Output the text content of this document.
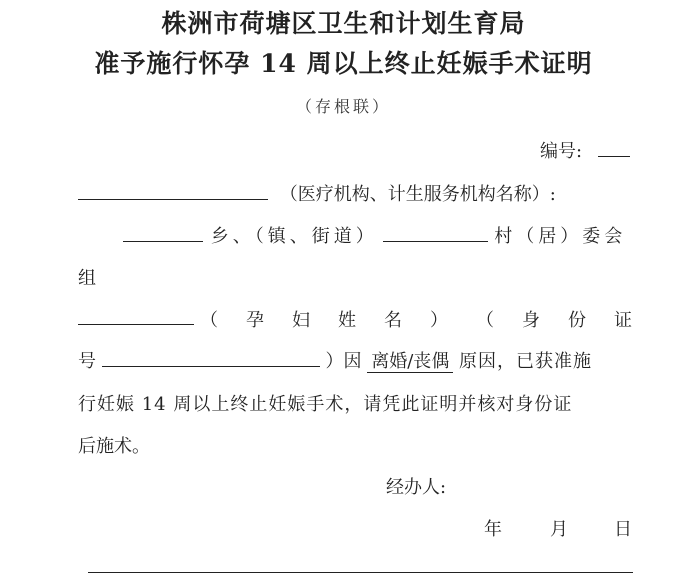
株洲市荷塘区卫生和计划生育局
准予施行怀孕 14 周以上终止妊娠手术证明
（存根联）
编号:
（医疗机构、计生服务机构名称）:
乡、（镇、街道）	村（居）委会
组
（ 孕 妇 姓 名 ） （ 身 份 证
号	）因 离婚/丧偶 原因，已获准施
行妊娠 14 周以上终止妊娠手术，请凭此证明并核对身份证
后施术。
经办人:
年	月	日
